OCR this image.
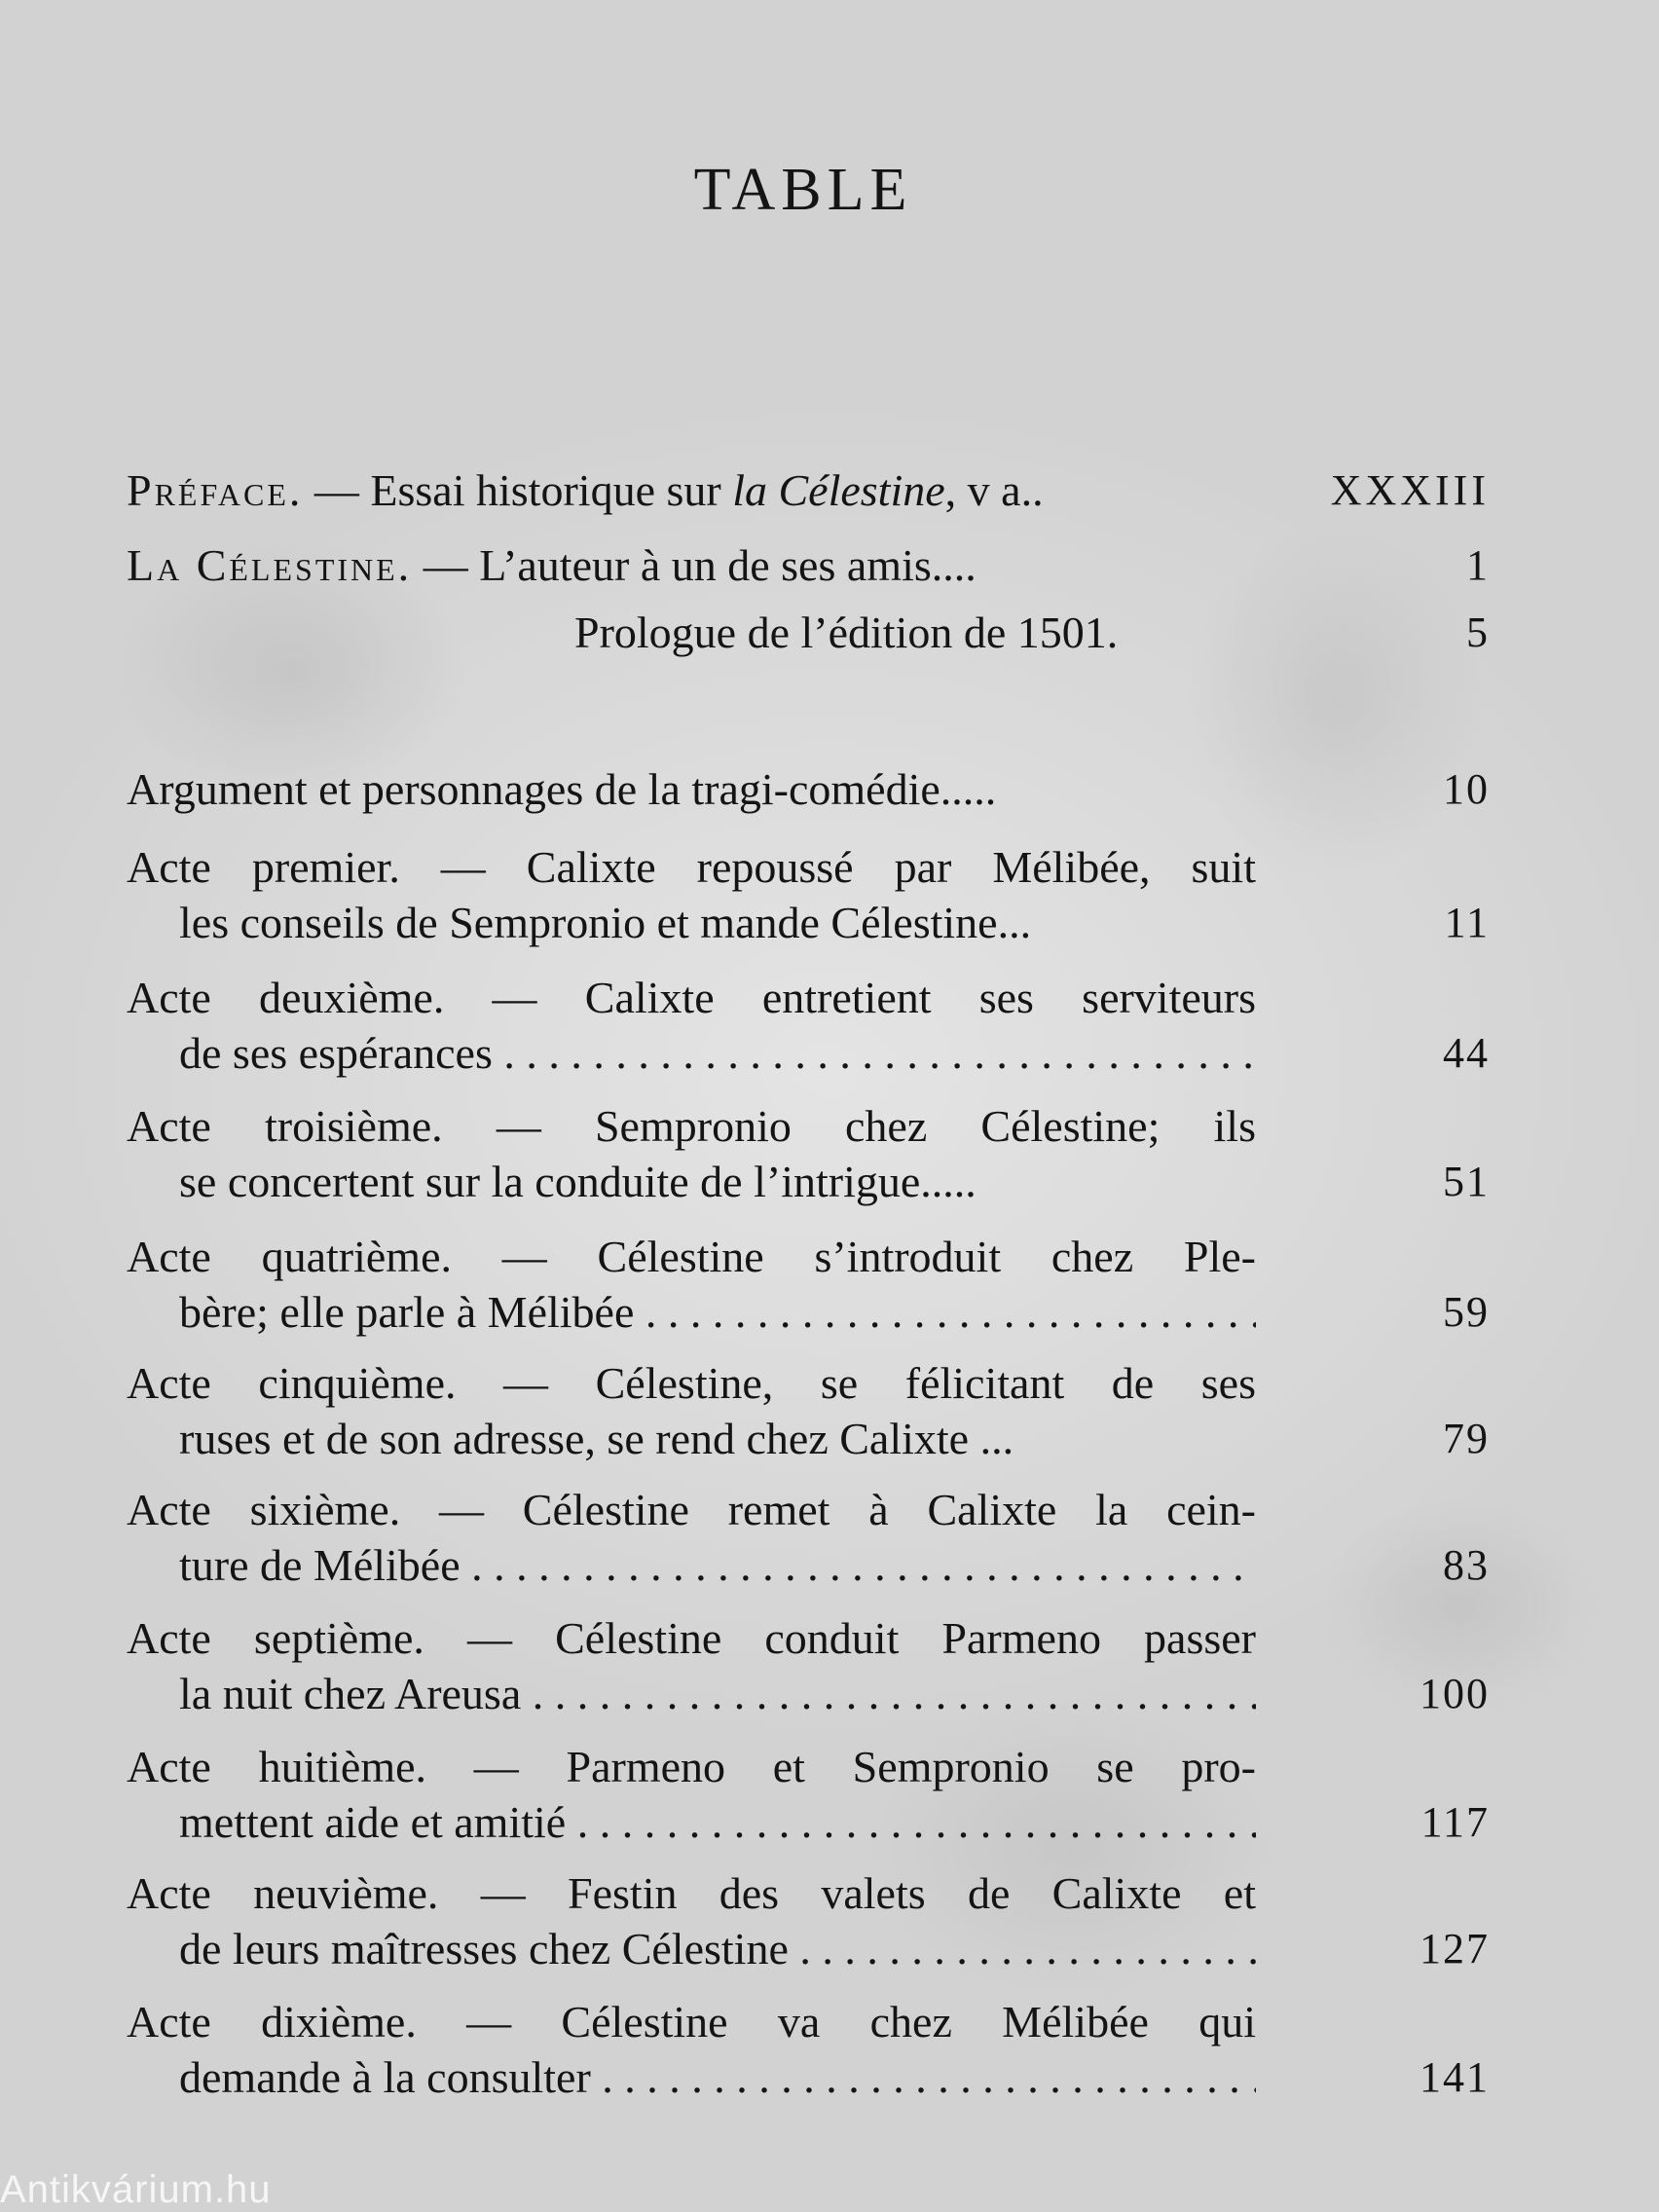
TABLE
Préface. — Essai historique sur la Célestine, v a..	XXXIII
La Célestine. — L’auteur à un de ses amis....	1
Prologue de l’édition de 1501.	5
Argument et personnages de la tragi-comédie.....	10
Acte premier. — Calixte repoussé par Mélibée, suit
les conseils de Sempronio et mande Célestine...	11
Acte deuxième. — Calixte entretient ses serviteurs
de ses espérances . . .	44
Acte troisième. — Sempronio chez Célestine; ils
se concertent sur la conduite de l’intrigue.....	51
Acte quatrième. — Célestine s’introduit chez Ple-
bère; elle parle à Mélibée . . .	59
Acte cinquième. — Célestine, se félicitant de ses
ruses et de son adresse, se rend chez Calixte ...	79
Acte sixième. — Célestine remet à Calixte la cein-
ture de Mélibée . . .	83
Acte septième. — Célestine conduit Parmeno passer
la nuit chez Areusa . . .	100
Acte huitième. — Parmeno et Sempronio se pro-
mettent aide et amitié . . .	117
Acte neuvième. — Festin des valets de Calixte et
de leurs maîtresses chez Célestine . . .	127
Acte dixième. — Célestine va chez Mélibée qui
demande à la consulter . . .	141
Antikvárium.hu
